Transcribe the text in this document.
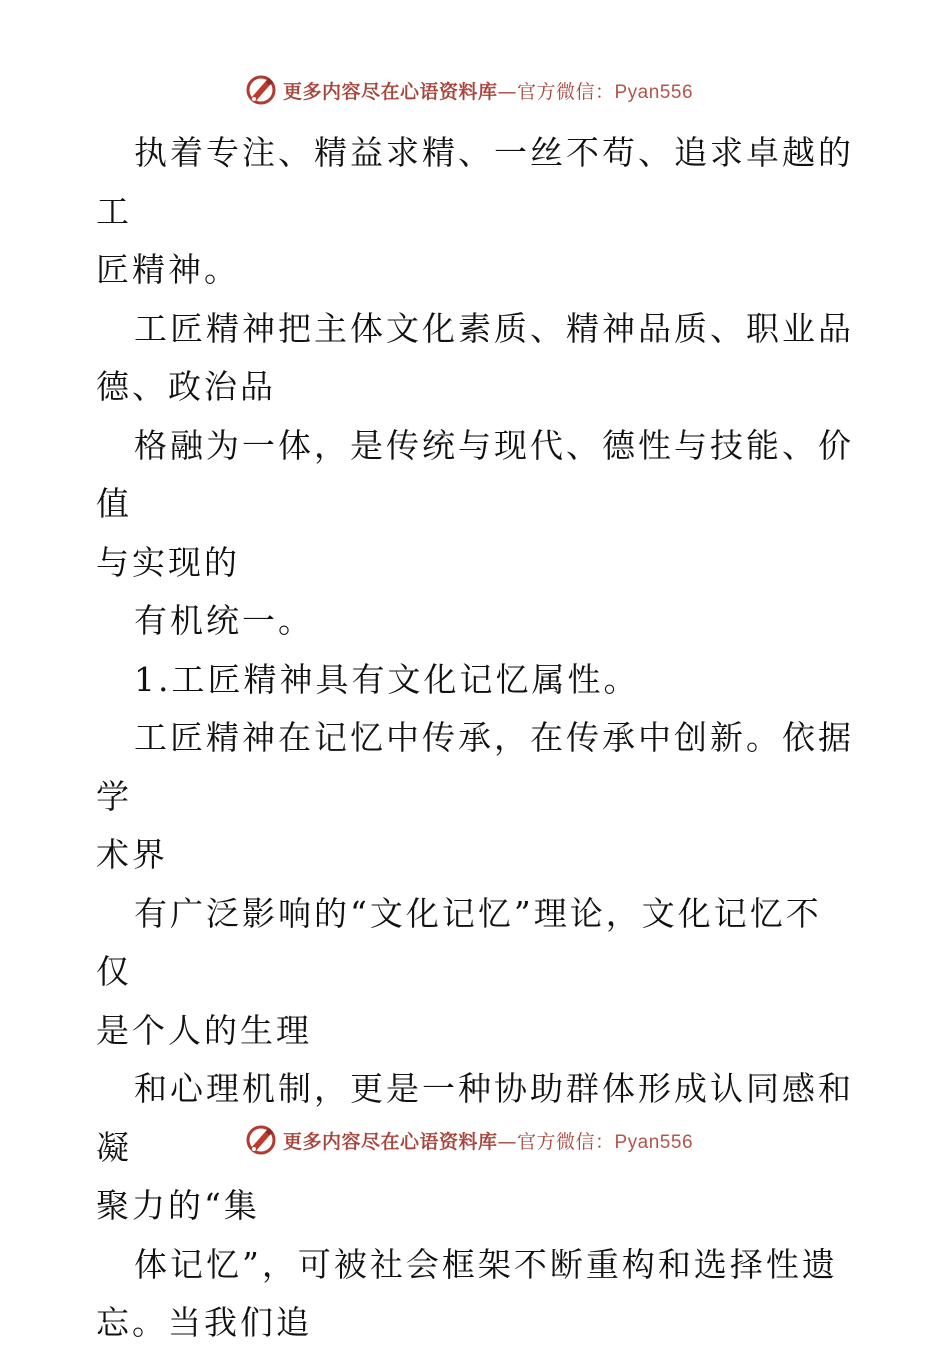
更多内容尽在心语资料库—官方微信：Pyan556

执着专注、精益求精、一丝不苟、追求卓越的工
匠精神。

工匠精神把主体文化素质、精神品质、职业品
德、政治品

格融为一体，是传统与现代、德性与技能、价值
与实现的

有机统一。

1.工匠精神具有文化记忆属性。

工匠精神在记忆中传承，在传承中创新。依据学
术界

有广泛影响的“文化记忆”理论，文化记忆不仅
是个人的生理

和心理机制，更是一种协助群体形成认同感和凝
聚力的“集

体记忆”，可被社会框架不断重构和选择性遗
忘。当我们追

更多内容尽在心语资料库—官方微信：Pyan556
